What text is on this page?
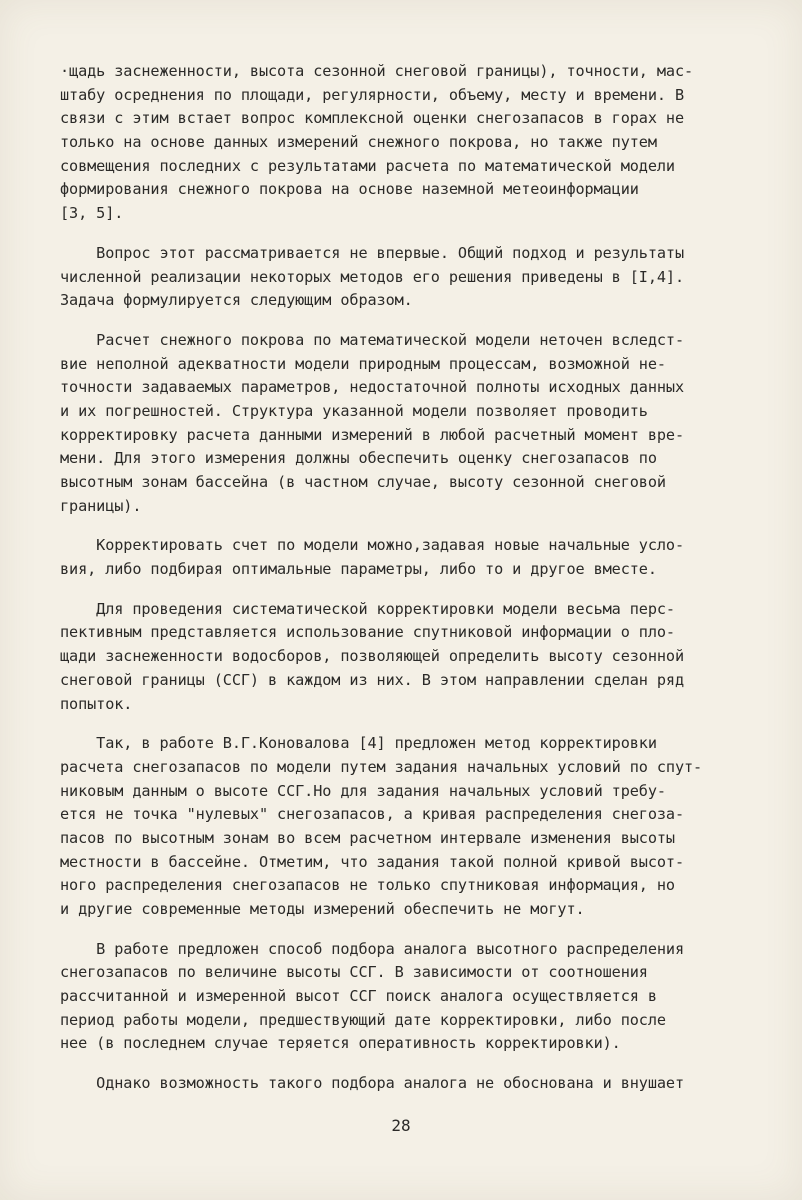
·щадь заснеженности, высота сезонной снеговой границы), точности, мас-
штабу осреднения по площади, регулярности, объему, месту и времени. В
связи с этим встает вопрос комплексной оценки снегозапасов в горах не
только на основе данных измерений снежного покрова, но также путем
совмещения последних с результатами расчета по математической модели
формирования снежного покрова на основе наземной метеоинформации
[3, 5].
Вопрос этот рассматривается не впервые. Общий подход и результаты
численной реализации некоторых методов его решения приведены в [I,4].
Задача формулируется следующим образом.
Расчет снежного покрова по математической модели неточен вследст-
вие неполной адекватности модели природным процессам, возможной не-
точности задаваемых параметров, недостаточной полноты исходных данных
и их погрешностей. Структура указанной модели позволяет проводить
корректировку расчета данными измерений в любой расчетный момент вре-
мени. Для этого измерения должны обеспечить оценку снегозапасов по
высотным зонам бассейна (в частном случае, высоту сезонной снеговой
границы).
Корректировать счет по модели можно,задавая новые начальные усло-
вия, либо подбирая оптимальные параметры, либо то и другое вместе.
Для проведения систематической корректировки модели весьма перс-
пективным представляется использование спутниковой информации о пло-
щади заснеженности водосборов, позволяющей определить высоту сезонной
снеговой границы (ССГ) в каждом из них. В этом направлении сделан ряд
попыток.
Так, в работе В.Г.Коновалова [4] предложен метод корректировки
расчета снегозапасов по модели путем задания начальных условий по спут-
никовым данным о высоте ССГ.Но для задания начальных условий требу-
ется не точка "нулевых" снегозапасов, а кривая распределения снегоза-
пасов по высотным зонам во всем расчетном интервале изменения высоты
местности в бассейне. Отметим, что задания такой полной кривой высот-
ного распределения снегозапасов не только спутниковая информация, но
и другие современные методы измерений обеспечить не могут.
В работе предложен способ подбора аналога высотного распределения
снегозапасов по величине высоты ССГ. В зависимости от соотношения
рассчитанной и измеренной высот ССГ поиск аналога осуществляется в
период работы модели, предшествующий дате корректировки, либо после
нее (в последнем случае теряется оперативность корректировки).
Однако возможность такого подбора аналога не обоснована и внушает
28
